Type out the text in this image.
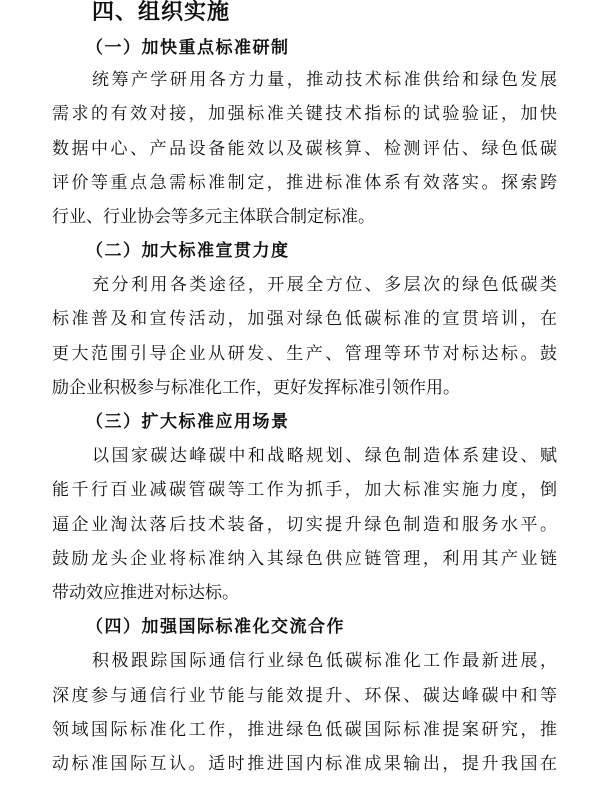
四、组织实施
（一）加快重点标准研制

统筹产学研用各方力量，推动技术标准供给和绿色发展

需求的有效对接，加强标准关键技术指标的试验验证，加快

数据中心、产品设备能效以及碳核算、检测评估、绿色低碳

评价等重点急需标准制定，推进标准体系有效落实。探索跨

行业、行业协会等多元主体联合制定标准。

（二）加大标准宣贯力度

充分利用各类途径，开展全方位、多层次的绿色低碳类

标准普及和宣传活动，加强对绿色低碳标准的宣贯培训，在

更大范围引导企业从研发、生产、管理等环节对标达标。鼓

励企业积极参与标准化工作，更好发挥标准引领作用。

（三）扩大标准应用场景

以国家碳达峰碳中和战略规划、绿色制造体系建设、赋

能千行百业减碳管碳等工作为抓手，加大标准实施力度，倒

逼企业淘汰落后技术装备，切实提升绿色制造和服务水平。

鼓励龙头企业将标准纳入其绿色供应链管理，利用其产业链

带动效应推进对标达标。

（四）加强国际标准化交流合作

积极跟踪国际通信行业绿色低碳标准化工作最新进展，

深度参与通信行业节能与能效提升、环保、碳达峰碳中和等

领域国际标准化工作，推进绿色低碳国际标准提案研究，推

动标准国际互认。适时推进国内标准成果输出，提升我国在
